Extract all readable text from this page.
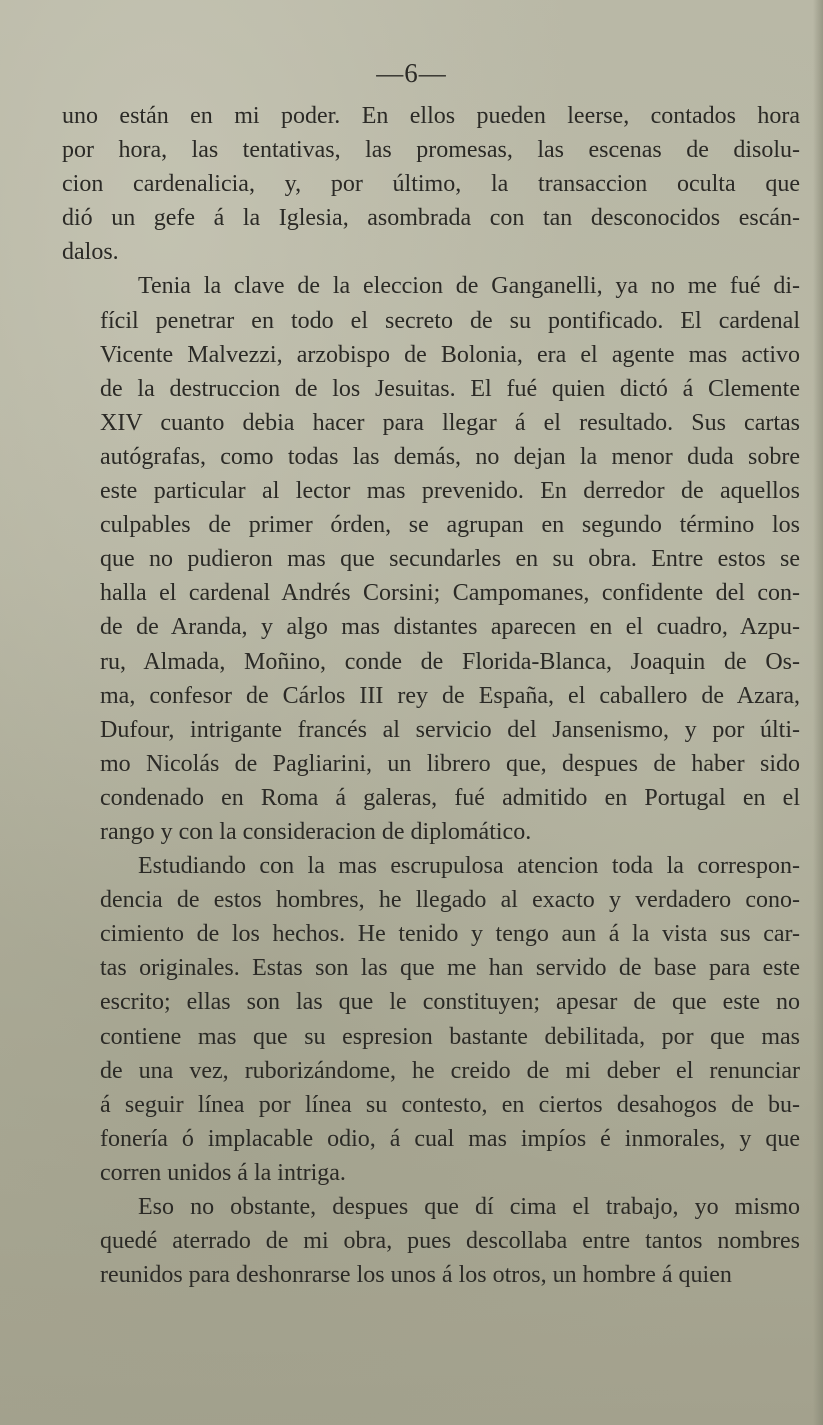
—6—

uno están en mi poder. En ellos pueden leerse, contados hora
por hora, las tentativas, las promesas, las escenas de disolu-
cion cardenalicia, y, por último, la transaccion oculta que
dió un gefe á la Iglesia, asombrada con tan desconocidos escán-
dalos.

Tenia la clave de la eleccion de Ganganelli, ya no me fué di-
fícil penetrar en todo el secreto de su pontificado. El cardenal
Vicente Malvezzi, arzobispo de Bolonia, era el agente mas activo
de la destruccion de los Jesuitas. El fué quien dictó á Clemente
XIV cuanto debia hacer para llegar á el resultado. Sus cartas
autógrafas, como todas las demás, no dejan la menor duda sobre
este particular al lector mas prevenido. En derredor de aquellos
culpables de primer órden, se agrupan en segundo término los
que no pudieron mas que secundarles en su obra. Entre estos se
halla el cardenal Andrés Corsini; Campomanes, confidente del con-
de de Aranda, y algo mas distantes aparecen en el cuadro, Azpu-
ru, Almada, Moñino, conde de Florida-Blanca, Joaquin de Os-
ma, confesor de Cárlos III rey de España, el caballero de Azara,
Dufour, intrigante francés al servicio del Jansenismo, y por últi-
mo Nicolás de Pagliarini, un librero que, despues de haber sido
condenado en Roma á galeras, fué admitido en Portugal en el
rango y con la consideracion de diplomático.

Estudiando con la mas escrupulosa atencion toda la correspon-
dencia de estos hombres, he llegado al exacto y verdadero cono-
cimiento de los hechos. He tenido y tengo aun á la vista sus car-
tas originales. Estas son las que me han servido de base para este
escrito; ellas son las que le constituyen; apesar de que este no
contiene mas que su espresion bastante debilitada, por que mas
de una vez, ruborizándome, he creido de mi deber el renunciar
á seguir línea por línea su contesto, en ciertos desahogos de bu-
fonería ó implacable odio, á cual mas impíos é inmorales, y que
corren unidos á la intriga.

Eso no obstante, despues que dí cima el trabajo, yo mismo
quedé aterrado de mi obra, pues descollaba entre tantos nombres
reunidos para deshonrarse los unos á los otros, un hombre á quien
